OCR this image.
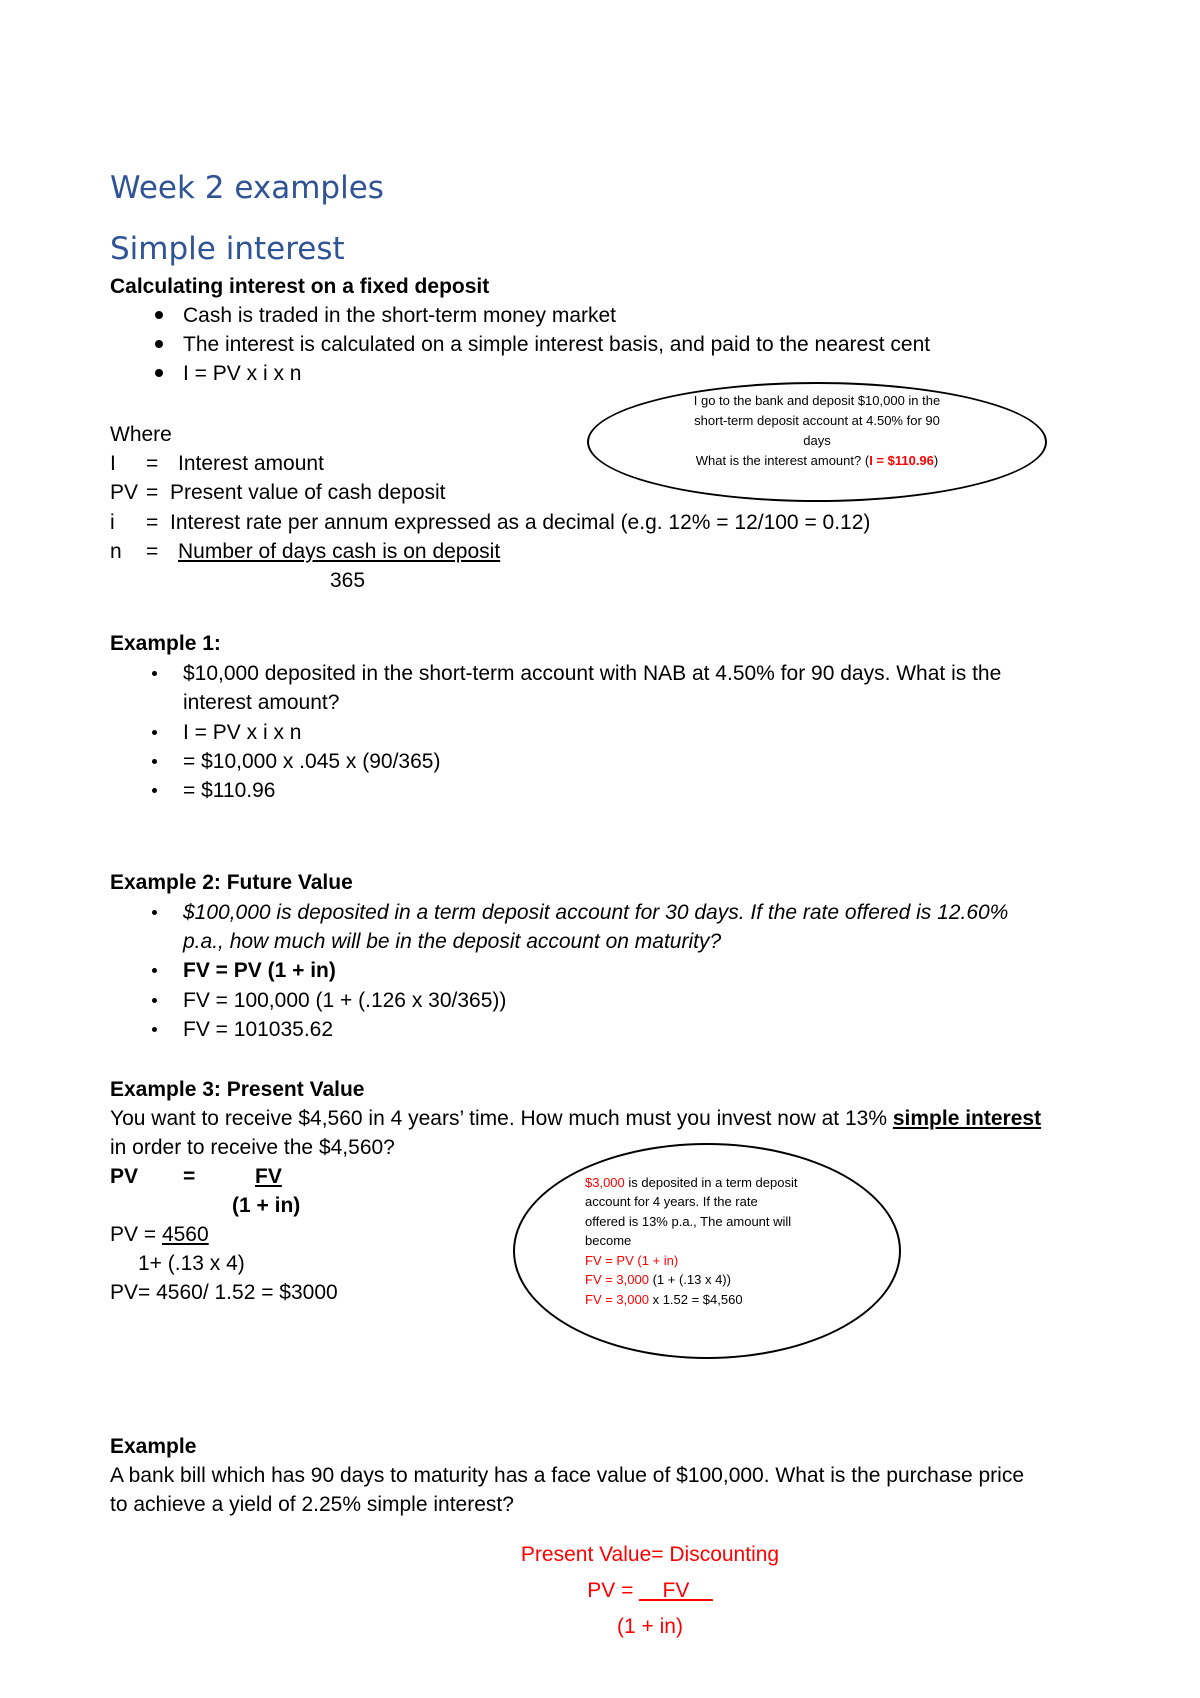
Week 2 examples
Simple interest
Calculating interest on a fixed deposit
Cash is traded in the short-term money market
The interest is calculated on a simple interest basis, and paid to the nearest cent
I = PV x i x n
Where
I = Interest amount
PV = Present value of cash deposit
i = Interest rate per annum expressed as a decimal (e.g. 12% = 12/100 = 0.12)
n = Number of days cash is on deposit
365
I go to the bank and deposit $10,000 in the
short-term deposit account at 4.50% for 90
days
What is the interest amount? (I = $110.96)
Example 1:
$10,000 deposited in the short-term account with NAB at 4.50% for 90 days. What is the
interest amount?
I = PV x i x n
= $10,000 x .045 x (90/365)
= $110.96
Example 2: Future Value
$100,000 is deposited in a term deposit account for 30 days. If the rate offered is 12.60%
p.a., how much will be in the deposit account on maturity?
FV = PV (1 + in)
FV = 100,000 (1 + (.126 x 30/365))
FV = 101035.62
Example 3: Present Value
You want to receive $4,560 in 4 years’ time. How much must you invest now at 13% simple interest
in order to receive the $4,560?
PV =	FV
(1 + in)
PV = 4560
1+ (.13 x 4)
PV= 4560/ 1.52 = $3000
$3,000 is deposited in a term deposit
account for 4 years. If the rate
offered is 13% p.a., The amount will
become
FV = PV (1 + in)
FV = 3,000 (1 + (.13 x 4))
FV = 3,000 x 1.52 = $4,560
Example
A bank bill which has 90 days to maturity has a face value of $100,000. What is the purchase price
to achieve a yield of 2.25% simple interest?
Present Value= Discounting
PV = __FV__
(1 + in)
